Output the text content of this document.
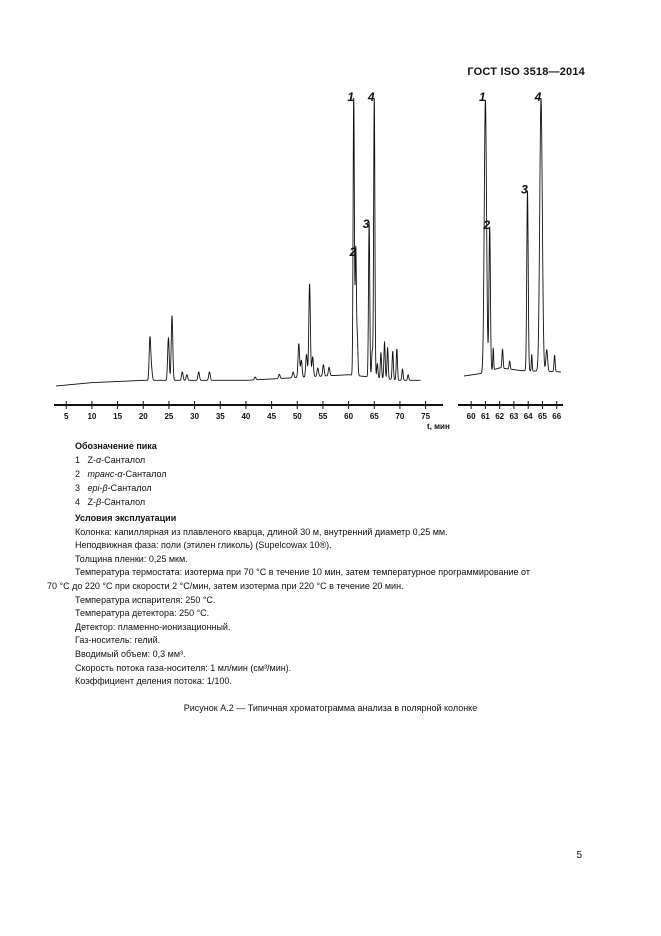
ГОСТ ISO 3518—2014
5 10 15 20 25 30 35 40 45 50 55 60 65 70 75
t, мин
1
2
3
4
60 61 62 63 64 65 66
1
2
3
4
Обозначение пика
1 Z-α-Санталол
2 транс-α-Санталол
3 epi-β-Санталол
4 Z-β-Санталол
Условия эксплуатации
Колонка: капиллярная из плавленого кварца, длиной 30 м, внутренний диаметр 0,25 мм.
Неподвижная фаза: поли (этилен гликоль) (Supelcowax 10®).
Толщина пленки: 0,25 мкм.
Температура термостата: изотерма при 70 °С в течение 10 мин, затем температурное программирование от
70 °С до 220 °С при скорости 2 °С/мин, затем изотерма при 220 °С в течение 20 мин.
Температура испарителя: 250 °С.
Температура детектора: 250 °С.
Детектор: пламенно-ионизационный.
Газ-носитель: гелий.
Вводимый объем: 0,3 мм³.
Скорость потока газа-носителя: 1 мл/мин (см³/мин).
Коэффициент деления потока: 1/100.
Рисунок А.2 — Типичная хроматограмма анализа в полярной колонке
5
